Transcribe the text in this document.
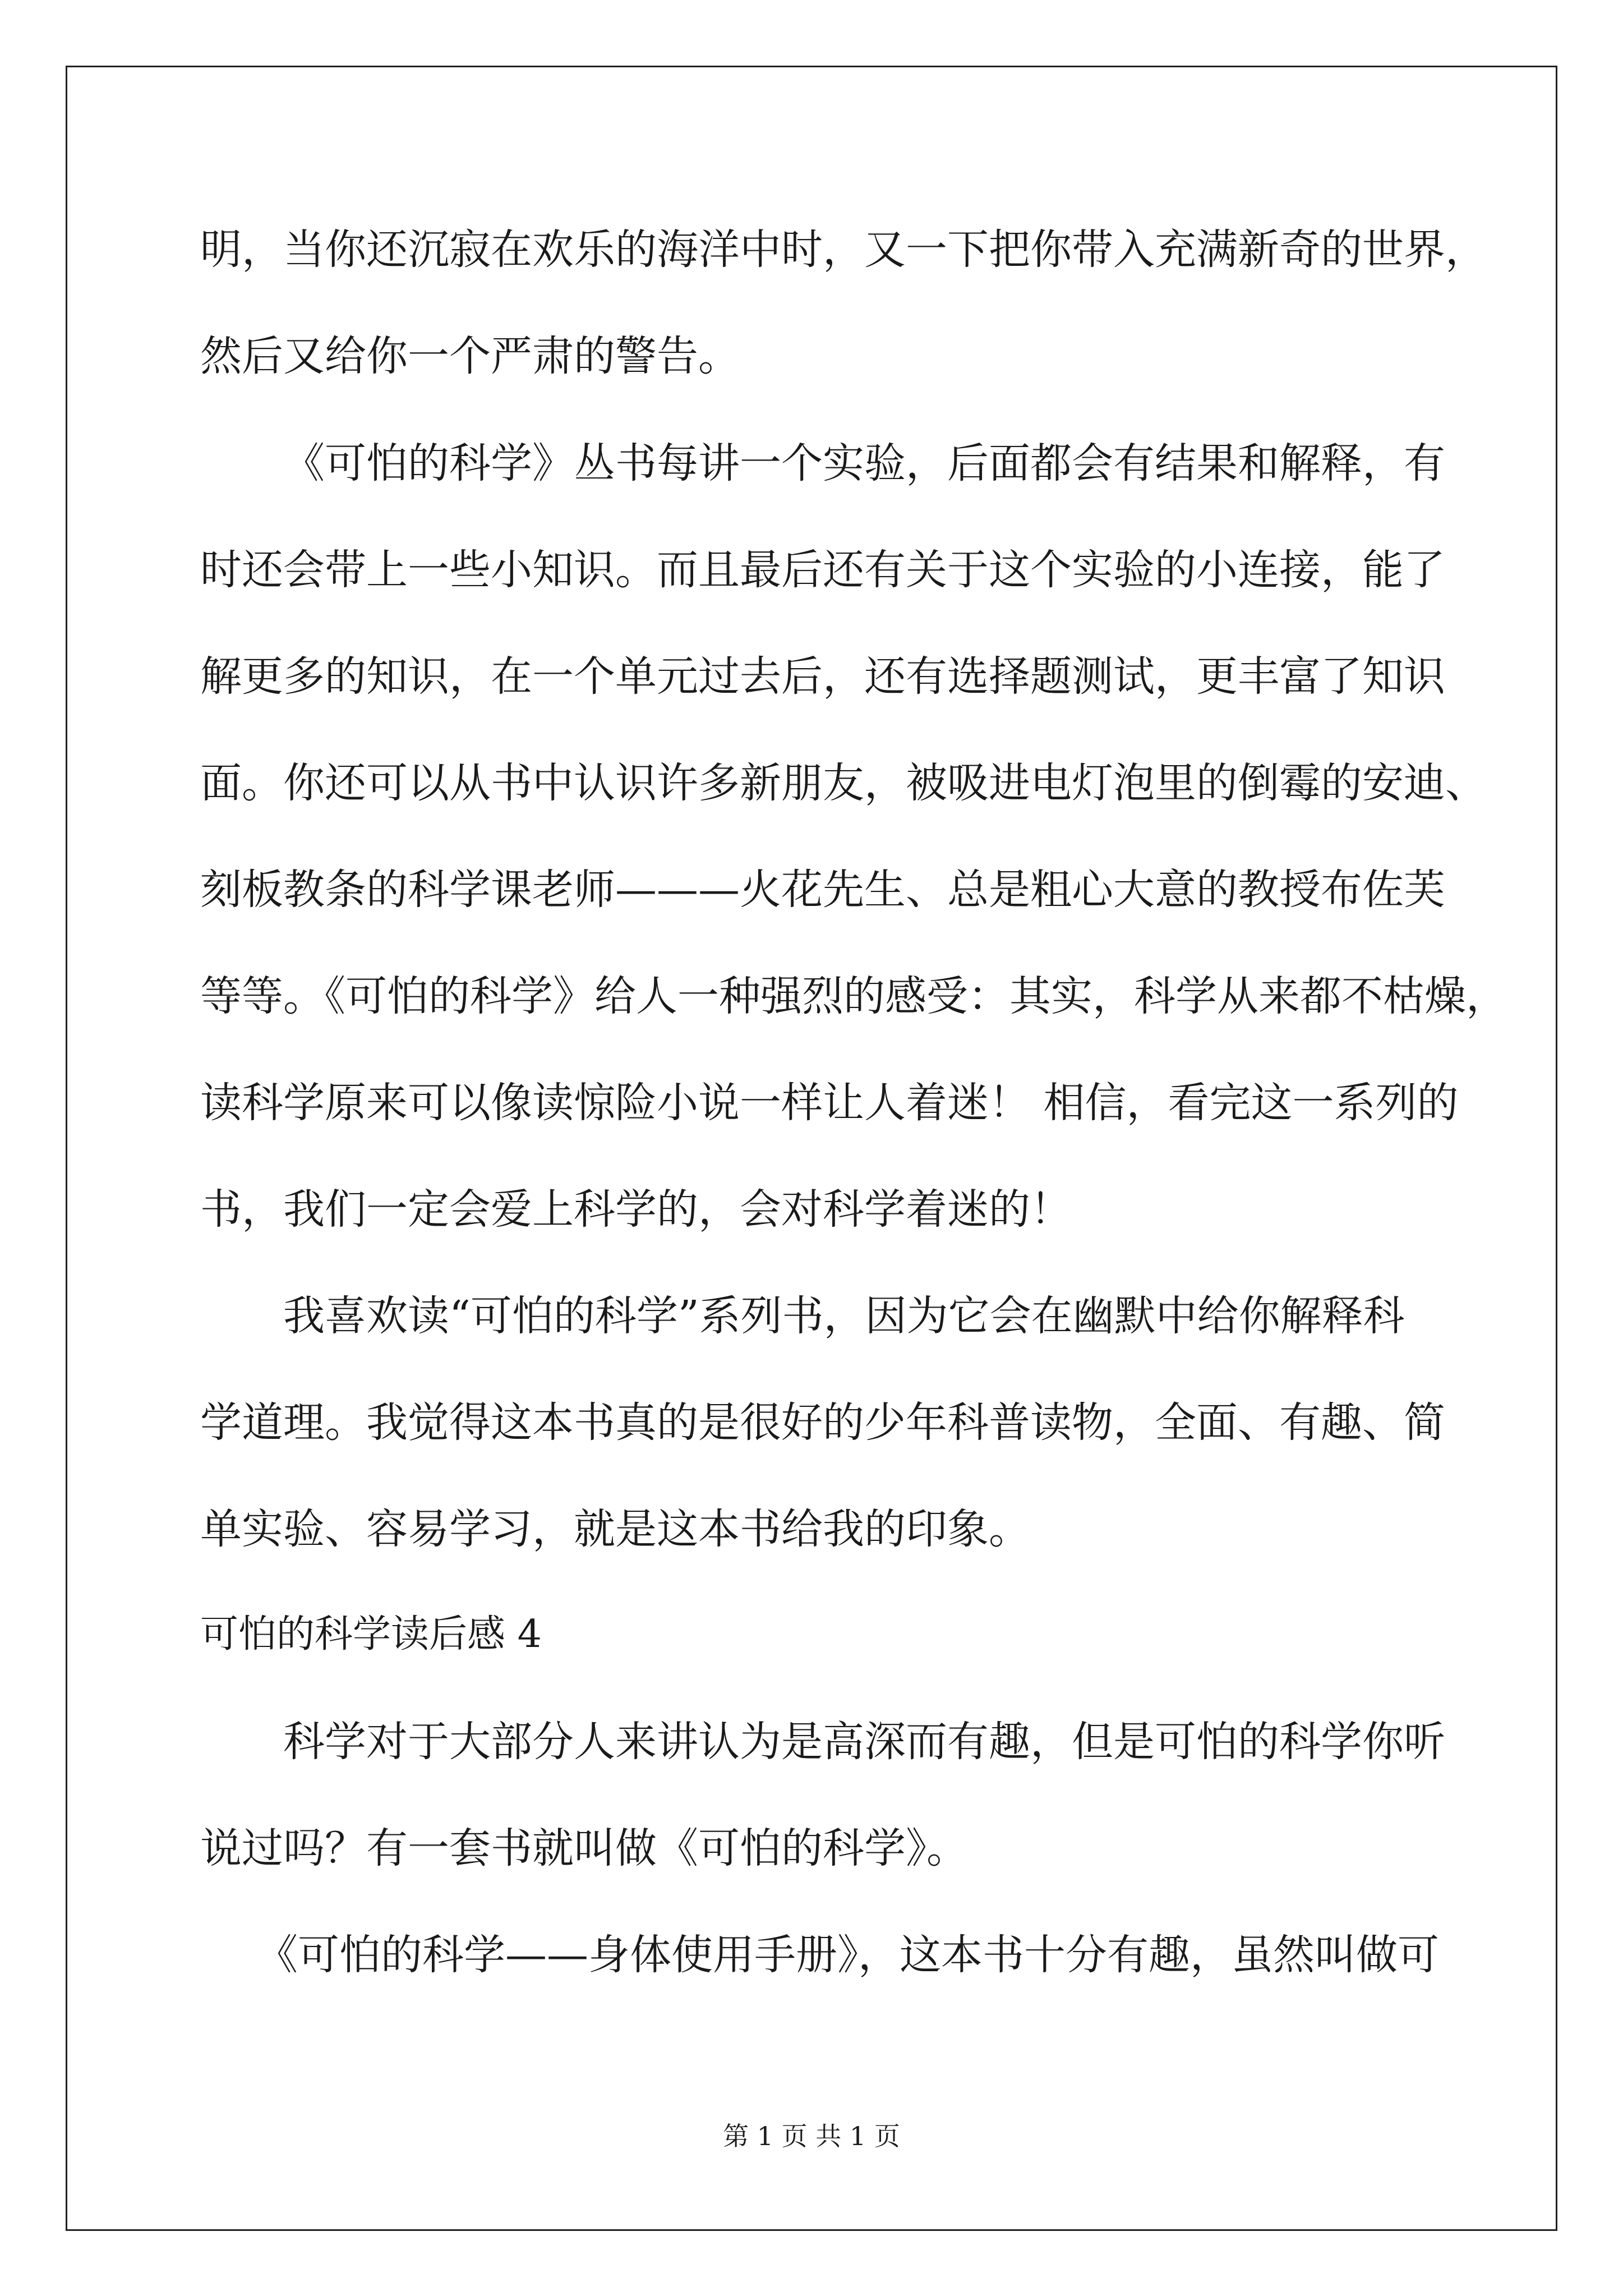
明，当你还沉寂在欢乐的海洋中时，又一下把你带入充满新奇的世界，
然后又给你一个严肃的警告。
《可怕的科学》丛书每讲一个实验，后面都会有结果和解释，有
时还会带上一些小知识。而且最后还有关于这个实验的小连接，能了
解更多的知识，在一个单元过去后，还有选择题测试，更丰富了知识
面。你还可以从书中认识许多新朋友，被吸进电灯泡里的倒霉的安迪、
刻板教条的科学课老师———火花先生、总是粗心大意的教授布佐芙
等等。《可怕的科学》给人一种强烈的感受：其实，科学从来都不枯燥，
读科学原来可以像读惊险小说一样让人着迷！ 相信，看完这一系列的
书，我们一定会爱上科学的，会对科学着迷的！
我喜欢读“可怕的科学”系列书，因为它会在幽默中给你解释科
学道理。我觉得这本书真的是很好的少年科普读物，全面、有趣、简
单实验、容易学习，就是这本书给我的印象。
可怕的科学读后感 4
科学对于大部分人来讲认为是高深而有趣，但是可怕的科学你听
说过吗？有一套书就叫做《可怕的科学》。
《可怕的科学——身体使用手册》，这本书十分有趣，虽然叫做可
第 1 页 共 1 页
